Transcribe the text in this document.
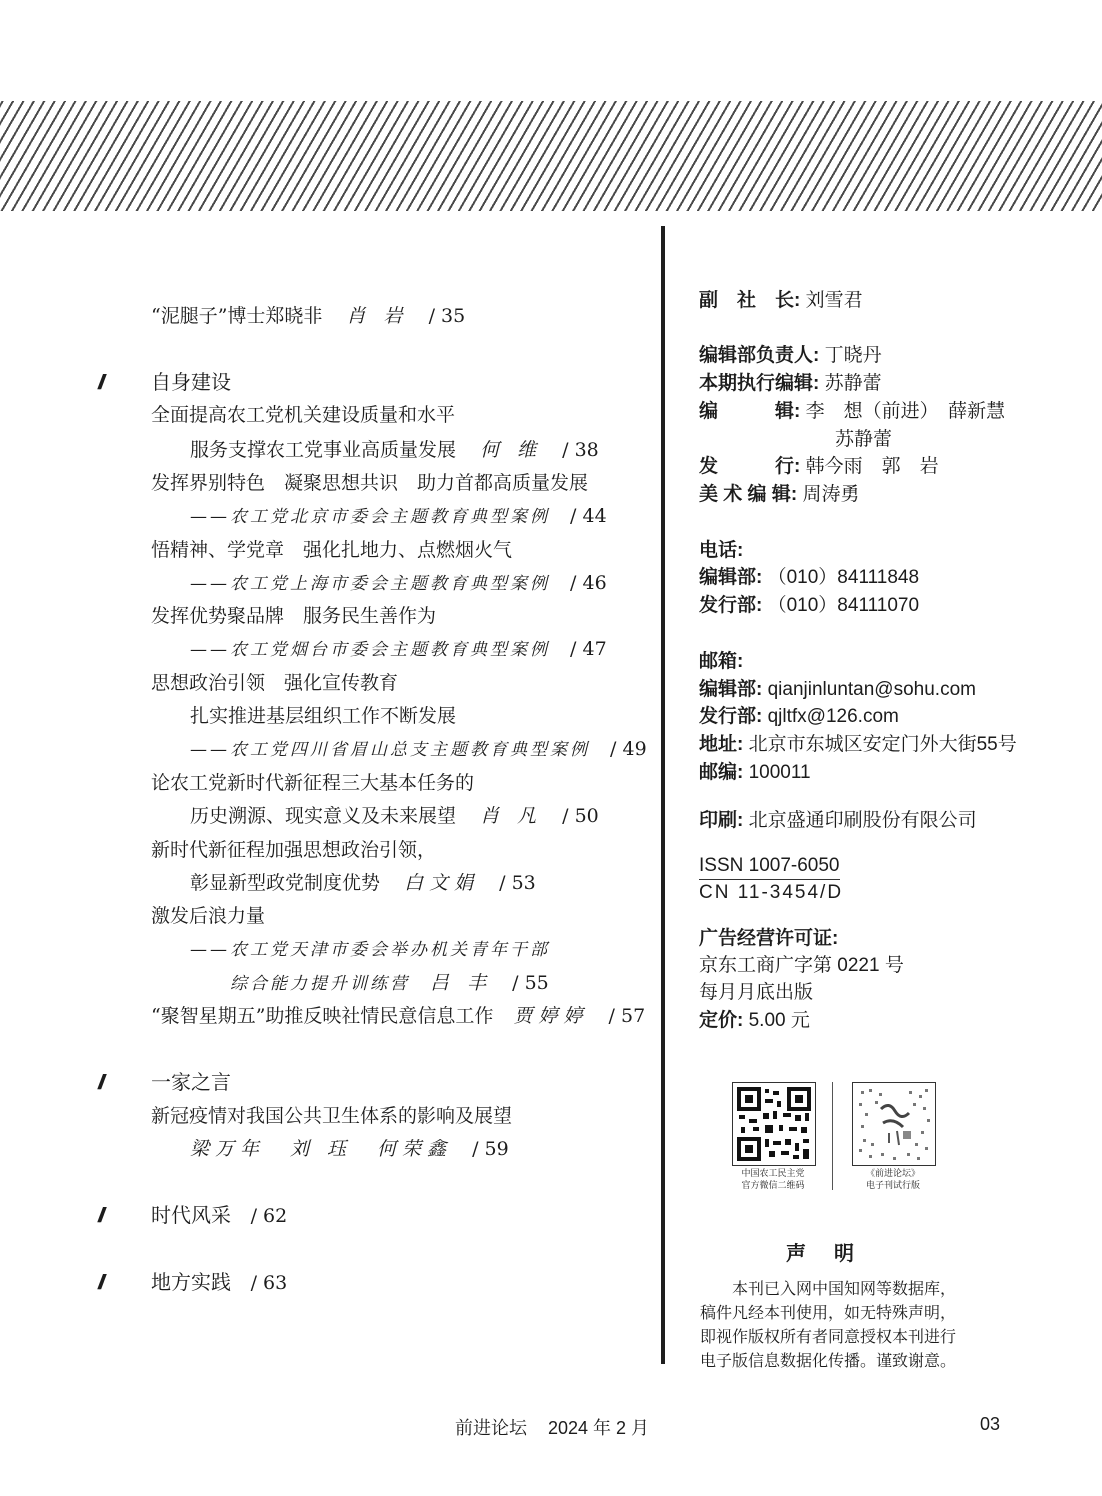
“泥腿子”博士郑晓非 肖 岩 / 35
// 自身建设
全面提高农工党机关建设质量和水平
服务支撑农工党事业高质量发展 何 维 / 38
发挥界别特色　凝聚思想共识　助力首都高质量发展
——农工党北京市委会主题教育典型案例 / 44
悟精神、学党章　强化扎地力、点燃烟火气
——农工党上海市委会主题教育典型案例 / 46
发挥优势聚品牌　服务民生善作为
——农工党烟台市委会主题教育典型案例 / 47
思想政治引领　强化宣传教育
扎实推进基层组织工作不断发展
——农工党四川省眉山总支主题教育典型案例 / 49
论农工党新时代新征程三大基本任务的
历史溯源、现实意义及未来展望 肖 凡 / 50
新时代新征程加强思想政治引领，
彰显新型政党制度优势 白文娟 / 53
激发后浪力量
——农工党天津市委会举办机关青年干部
综合能力提升训练营 吕 丰 / 55
“聚智星期五”助推反映社情民意信息工作 贾婷婷 / 57
// 一家之言
新冠疫情对我国公共卫生体系的影响及展望
梁万年　刘 珏　何荣鑫 / 59
// 时代风采 / 62
// 地方实践 / 63
副　社　长: 刘雪君
编辑部负责人: 丁晓丹
本期执行编辑: 苏静蕾
编　　　辑: 李　想（前进）　薛新慧
苏静蕾
发　　　行: 韩今雨　郭　岩
美 术 编 辑: 周涛勇
电话:
编辑部: （010）84111848
发行部: （010）84111070
邮箱:
编辑部: qianjinluntan@sohu.com
发行部: qjltfx@126.com
地址: 北京市东城区安定门外大街55号
邮编: 100011
印刷: 北京盛通印刷股份有限公司
ISSN 1007-6050
CN 11-3454/D
广告经营许可证:
京东工商广字第 0221 号
每月月底出版
定价: 5.00 元
中国农工民主党
官方微信二维码
《前进论坛》
电子刊试行版
声明
本刊已入网中国知网等数据库，稿件凡经本刊使用，如无特殊声明，即视作版权所有者同意授权本刊进行电子版信息数据化传播。谨致谢意。
前进论坛 2024 年 2 月	03
